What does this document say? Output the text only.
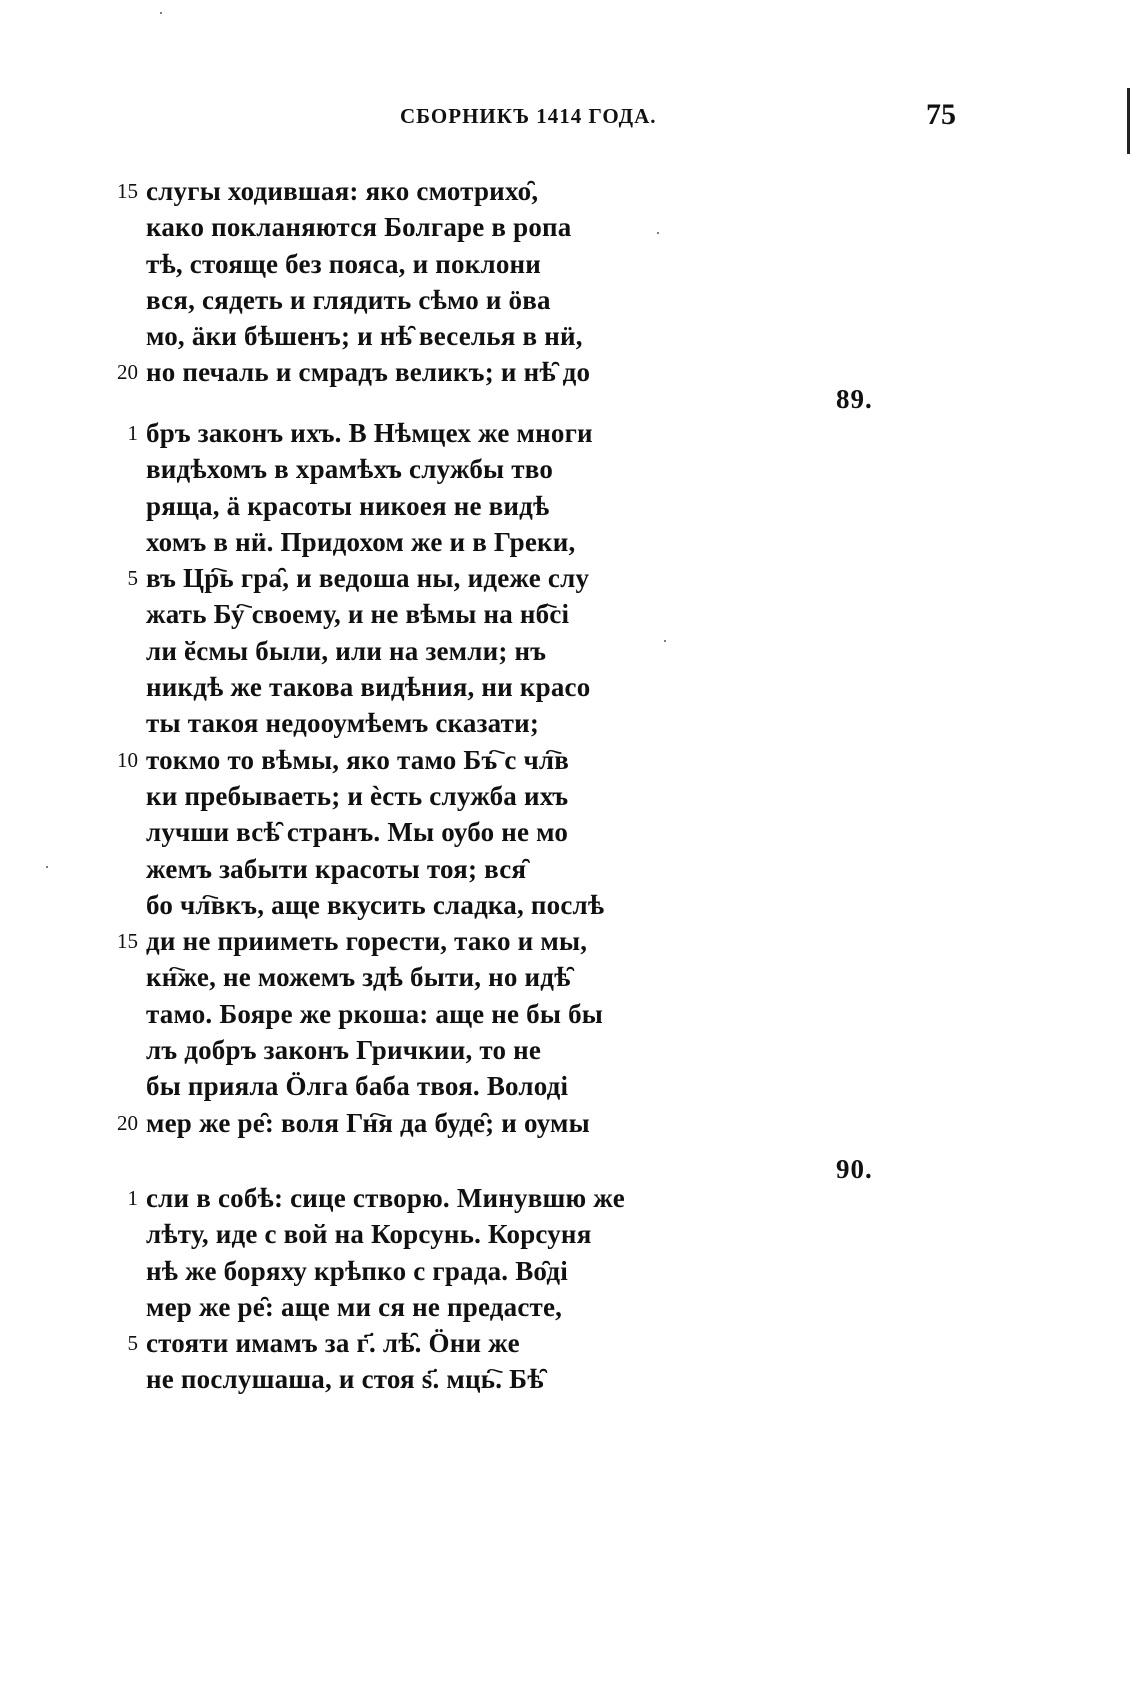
СБОРНИКЪ 1414 ГОДА.	75
15 слугы ходившая: яко смотрихо̑,
како покланяются Болгаре в ропа
тѣ, стояще без пояса, и поклони
вся, сядеть и глядить сѣмо и ӧва
мо, ӓки бѣшенъ; и нѣ̑ веселья в нӥ,
20 но печаль и смрадъ великъ; и нѣ̑ до
89.
1 бръ законъ ихъ. В Нѣмцех же многи
видѣхомъ в храмѣхъ службы тво
ряща, ӓ красоты никоея не видѣ
хомъ в нӥ. Придохом же и в Греки,
5 въ Цр҇ь гра̑, и ведоша ны, идеже слу
жать Бу҇ своему, и не вѣмы на нб҇сі
ли ӗсмы были, или на земли; нъ
никдѣ же такова видѣния, ни красо
ты такоя недооумѣемъ сказати;
10 токмо то вѣмы, яко тамо Бъ҇ с чл҇в
ки пребываеть; и ѐсть служба ихъ
лучши всѣ̑ странъ. Мы оубо не мо
жемъ забыти красоты тоя; вся̑
бо чл҇вкъ, аще вкусить сладка, послѣ
15 ди не прииметь горести, тако и мы,
кн҇же, не можемъ здѣ быти, но идѣ̑
тамо. Бояре же ркоша: аще не бы бы
лъ добръ законъ Гричкии, то не
бы прияла Ӧлга баба твоя. Володі
20 мер же ре̑: воля Гн҇я да буде̑; и оумы
90.
1 сли в собѣ: сице створю. Минувшю же
лѣту, иде с вой на Корсунь. Корсуня
нѣ же боряху крѣпко с града. Во̑ді
мер же ре̑: аще ми ся не предасте,
5 стояти имамъ за г҃. лѣ̑. Ӧни же
не послушаша, и стоя ѕ҃. мць҇. Бѣ̑
